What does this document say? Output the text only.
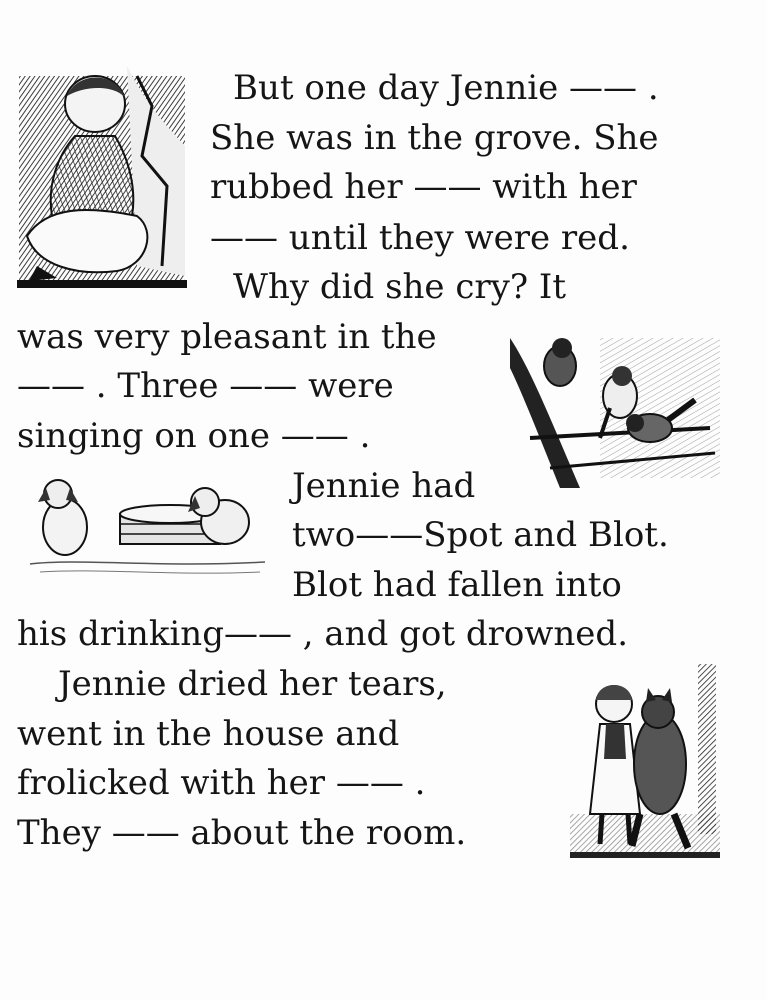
But one day Jennie —— .
She was in the grove. She
rubbed her —— with her
—— until they were red.
Why did she cry? It
was very pleasant in the
—— . Three —— were
singing on one —— .
Jennie had
two——Spot and Blot.
Blot had fallen into
his drinking—— , and got drowned.
Jennie dried her tears,
went in the house and
frolicked with her —— .
They —— about the room.
